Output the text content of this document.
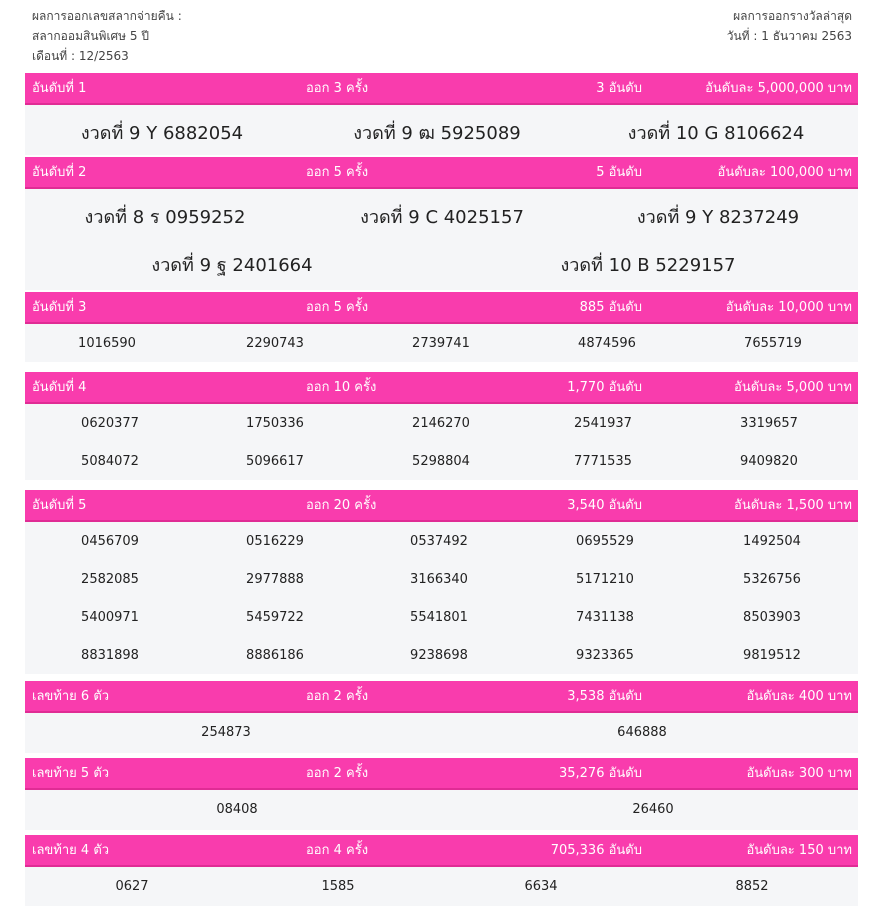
ผลการออกเลขสลากจ่ายคืน :
สลากออมสินพิเศษ 5 ปี
เดือนที่ : 12/2563
ผลการออกรางวัลล่าสุด
วันที่ : 1 ธันวาคม 2563
อันดับที่ 1	ออก 3 ครั้ง	3 อันดับ	อันดับละ 5,000,000 บาท
งวดที่ 9 Y 6882054	งวดที่ 9 ฒ 5925089	งวดที่ 10 G 8106624
อันดับที่ 2	ออก 5 ครั้ง	5 อันดับ	อันดับละ 100,000 บาท
งวดที่ 8 ร 0959252	งวดที่ 9 C 4025157	งวดที่ 9 Y 8237249
งวดที่ 9 ฐ 2401664	งวดที่ 10 B 5229157
อันดับที่ 3	ออก 5 ครั้ง	885 อันดับ	อันดับละ 10,000 บาท
1016590	2290743	2739741	4874596	7655719
อันดับที่ 4	ออก 10 ครั้ง	1,770 อันดับ	อันดับละ 5,000 บาท
0620377	1750336	2146270	2541937	3319657
5084072	5096617	5298804	7771535	9409820
อันดับที่ 5	ออก 20 ครั้ง	3,540 อันดับ	อันดับละ 1,500 บาท
0456709	0516229	0537492	0695529	1492504
2582085	2977888	3166340	5171210	5326756
5400971	5459722	5541801	7431138	8503903
8831898	8886186	9238698	9323365	9819512
เลขท้าย 6 ตัว	ออก 2 ครั้ง	3,538 อันดับ	อันดับละ 400 บาท
254873	646888
เลขท้าย 5 ตัว	ออก 2 ครั้ง	35,276 อันดับ	อันดับละ 300 บาท
08408	26460
เลขท้าย 4 ตัว	ออก 4 ครั้ง	705,336 อันดับ	อันดับละ 150 บาท
0627	1585	6634	8852
